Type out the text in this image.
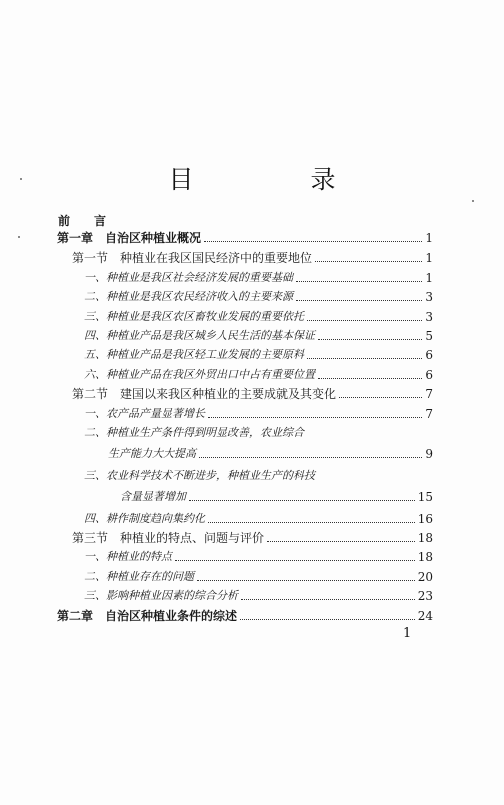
目　录
前　言
第一章　自治区种植业概况	1
第一节　种植业在我区国民经济中的重要地位	1
一、种植业是我区社会经济发展的重要基础	1
二、种植业是我区农民经济收入的主要来源	3
三、种植业是我区农区畜牧业发展的重要依托	3
四、种植业产品是我区城乡人民生活的基本保证	5
五、种植业产品是我区轻工业发展的主要原料	6
六、种植业产品在我区外贸出口中占有重要位置	6
第二节　建国以来我区种植业的主要成就及其变化	7
一、农产品产量显著增长	7
二、种植业生产条件得到明显改善，农业综合
生产能力大大提高	9
三、农业科学技术不断进步，种植业生产的科技
含量显著增加	15
四、耕作制度趋向集约化	16
第三节　种植业的特点、问题与评价	18
一、种植业的特点	18
二、种植业存在的问题	20
三、影响种植业因素的综合分析	23
第二章　自治区种植业条件的综述	24
1
